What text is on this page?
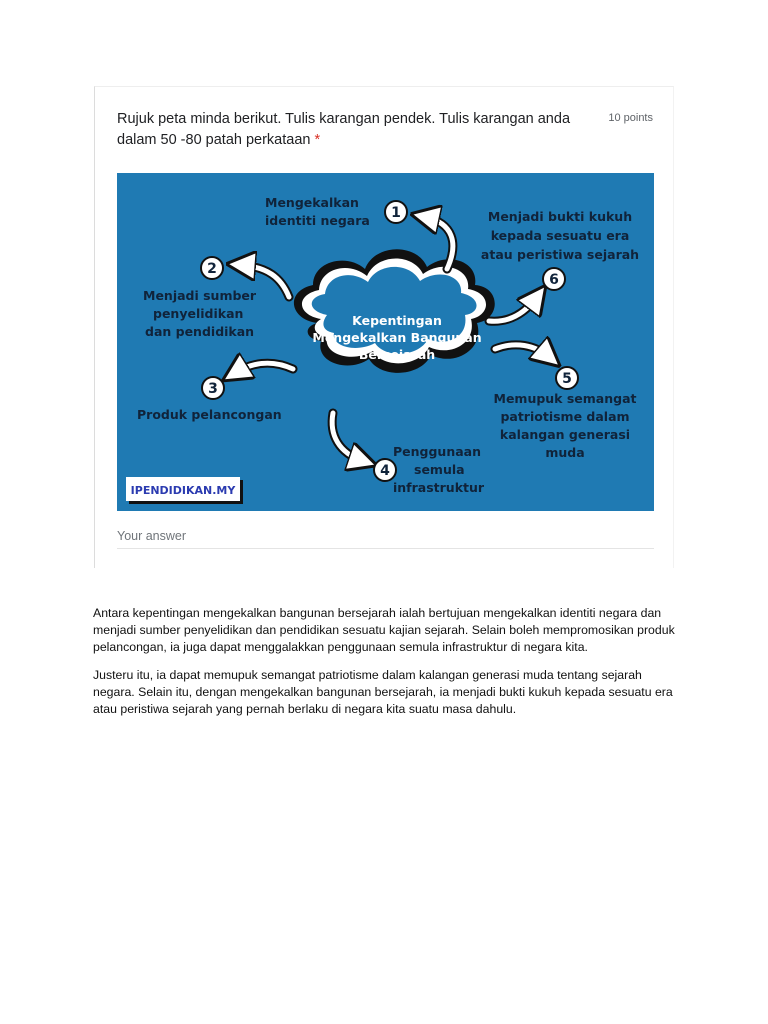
Rujuk peta minda berikut. Tulis karangan pendek. Tulis karangan anda dalam 50 -80 patah perkataan *
10 points
Kepentingan
Mengekalkan Bangunan
Bersejarah
1
Mengekalkan
identiti negara
2
Menjadi sumber
penyelidikan
dan pendidikan
3
Produk pelancongan
4
Penggunaan
semula
infrastruktur
5
Memupuk semangat
patriotisme dalam
kalangan generasi
muda
6
Menjadi bukti kukuh
kepada sesuatu era
atau peristiwa sejarah
IPENDIDIKAN.MY
Your answer

Antara kepentingan mengekalkan bangunan bersejarah ialah bertujuan mengekalkan identiti negara dan menjadi sumber penyelidikan dan pendidikan sesuatu kajian sejarah. Selain boleh mempromosikan produk pelancongan, ia juga dapat menggalakkan penggunaan semula infrastruktur di negara kita.

Justeru itu, ia dapat memupuk semangat patriotisme dalam kalangan generasi muda tentang sejarah negara. Selain itu, dengan mengekalkan bangunan bersejarah, ia menjadi bukti kukuh kepada sesuatu era atau peristiwa sejarah yang pernah berlaku di negara kita suatu masa dahulu.
